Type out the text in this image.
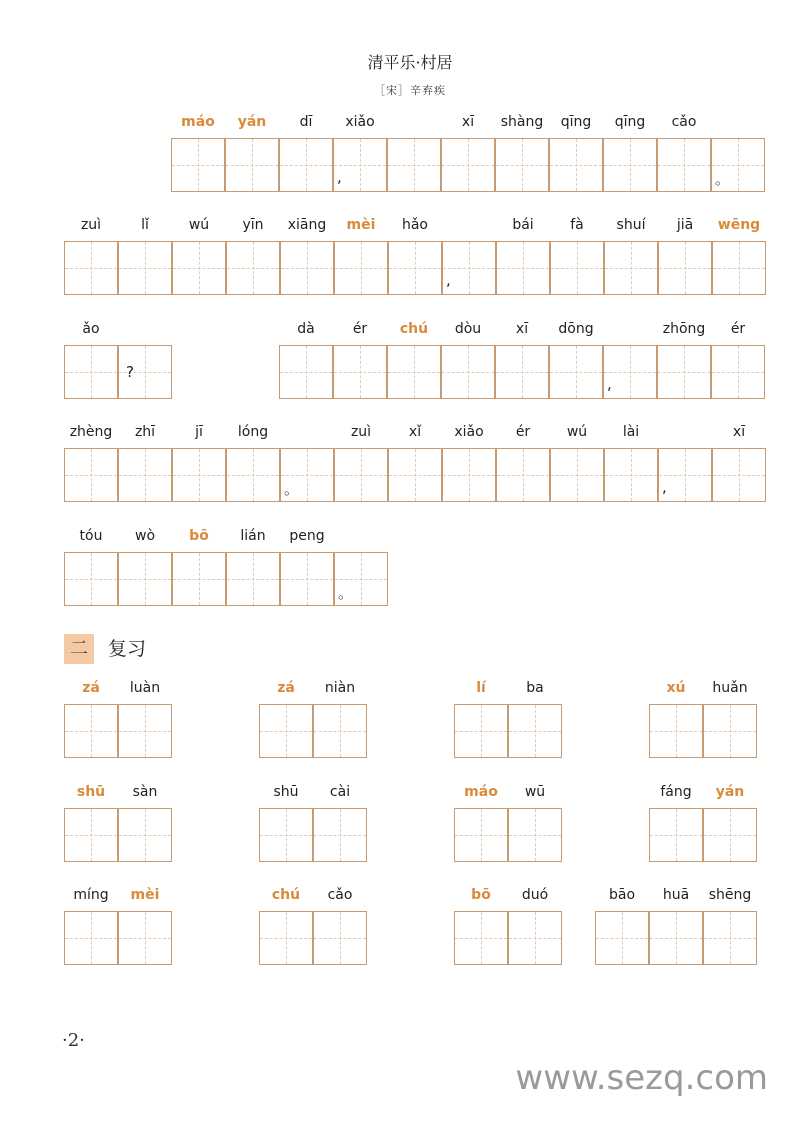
清平乐·村居
［宋］辛弃疾
máo yán dī xiǎo	xī shàng qīng qīng cǎo
,	。
zuì	lǐ	wú yīn xiāng mèi hǎo	bái	fà shuí jiā wēng
,
ǎo
?
dà	ér chú dòu xī dōng	zhōng ér
,
zhèng zhī	jī	lóng	zuì	xǐ xiǎo ér	wú	lài	xī
。	,
tóu wò bō lián peng
。
二	复习
zá luàn	zá niàn	lí	ba	xú huǎn
shū sàn	shū cài	máo wū	fáng yán
míng mèi	chú cǎo	bō duó	bāo huā shēng
·2·
www.sezq.com
